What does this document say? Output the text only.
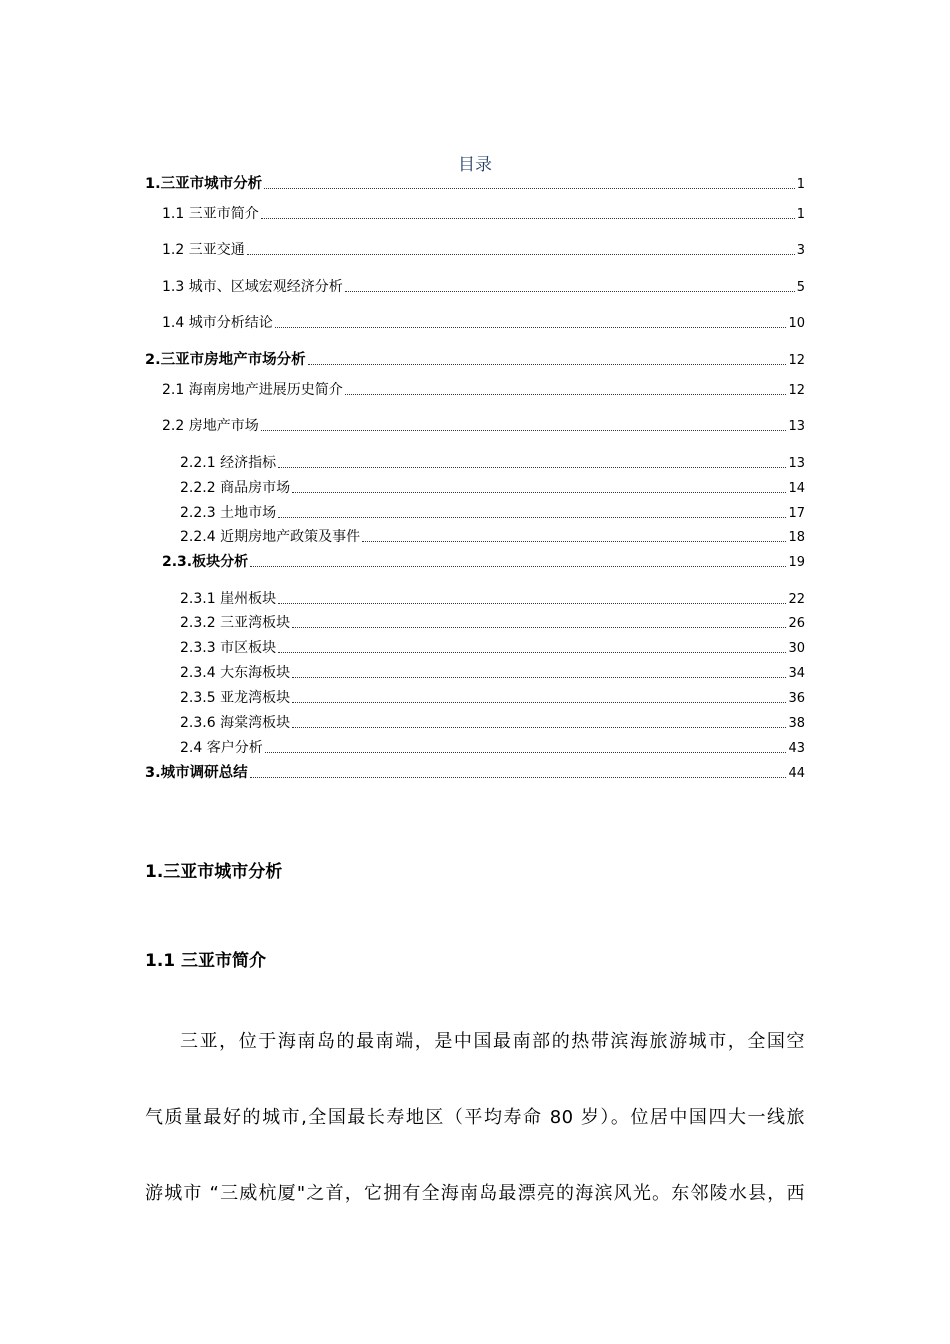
目录
1.三亚市城市分析	1
1.1 三亚市简介	1
1.2 三亚交通	3
1.3 城市、区域宏观经济分析	5
1.4 城市分析结论	10
2.三亚市房地产市场分析	12
2.1 海南房地产进展历史简介	12
2.2 房地产市场	13
2.2.1 经济指标	13
2.2.2 商品房市场	14
2.2.3 土地市场	17
2.2.4 近期房地产政策及事件	18
2.3.板块分析	19
2.3.1 崖州板块	22
2.3.2 三亚湾板块	26
2.3.3 市区板块	30
2.3.4 大东海板块	34
2.3.5 亚龙湾板块	36
2.3.6 海棠湾板块	38
2.4 客户分析	43
3.城市调研总结	44
1.三亚市城市分析
1.1 三亚市简介
三亚，位于海南岛的最南端，是中国最南部的热带滨海旅游城市，全国空
气质量最好的城市,全国最长寿地区（平均寿命 80 岁）。位居中国四大一线旅
游城市 “三威杭厦"之首，它拥有全海南岛最漂亮的海滨风光。东邻陵水县，西
